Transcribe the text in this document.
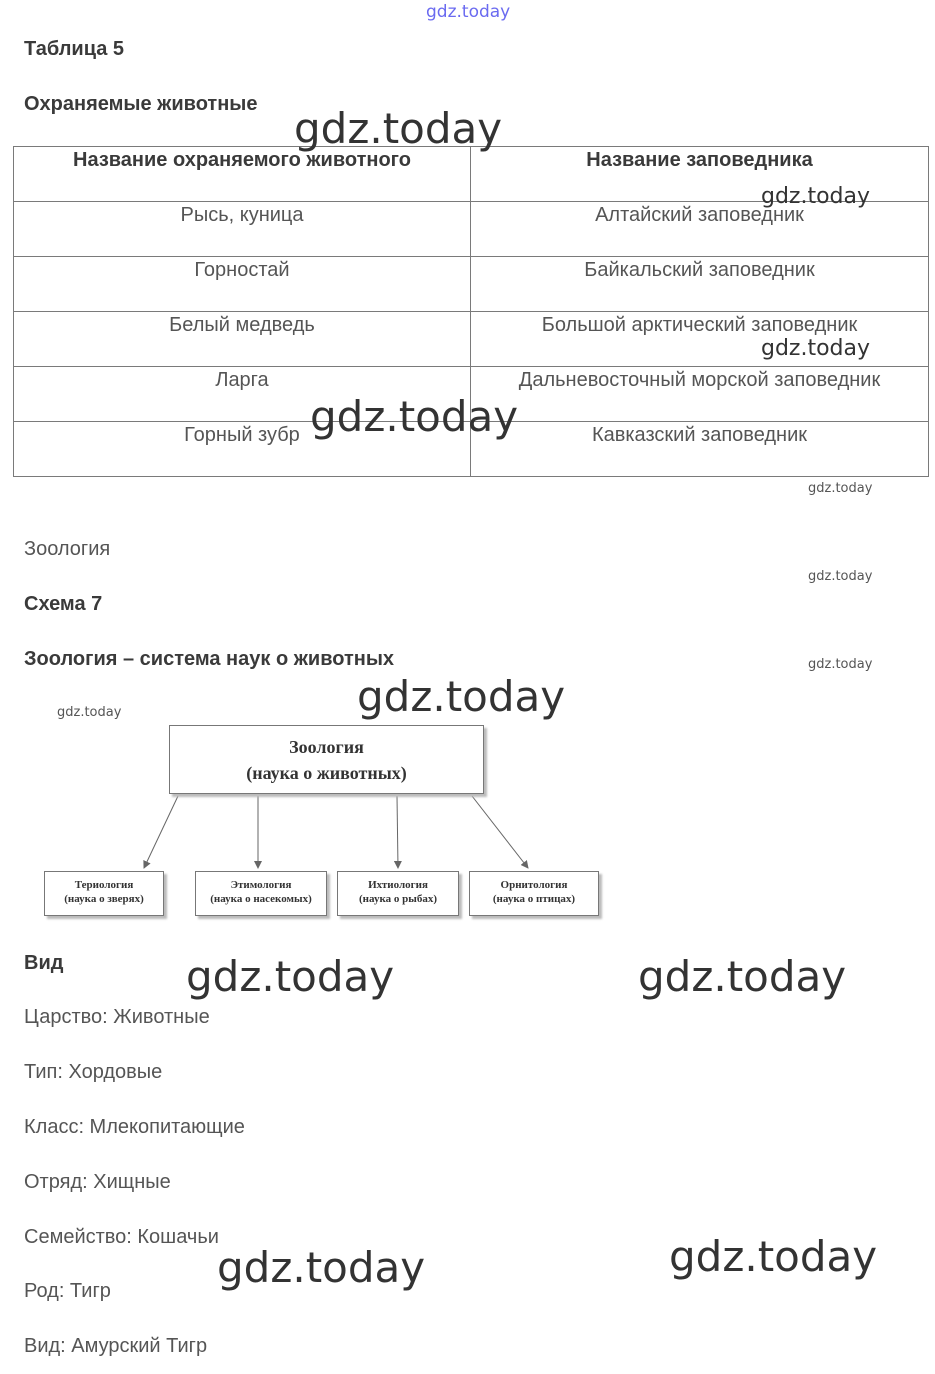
gdz.today
Таблица 5
Охраняемые животные
Название охраняемого животного	Название заповедника
Рысь, куница	Алтайский заповедник
Горностай	Байкальский заповедник
Белый медведь	Большой арктический заповедник
Ларга	Дальневосточный морской заповедник
Горный зубр	Кавказский заповедник
Зоология
Схема 7
Зоология – система наук о животных
Зоология
(наука о животных)
Териология
(наука о зверях)
Этимология
(наука о насекомых)
Ихтиология
(наука о рыбах)
Орнитология
(наука о птицах)
Вид
Царство: Животные
Тип: Хордовые
Класс: Млекопитающие
Отряд: Хищные
Семейство: Кошачьи
Род: Тигр
Вид: Амурский Тигр
gdz.today
gdz.today
gdz.today
gdz.today
gdz.today
gdz.today
gdz.today
gdz.today
gdz.today
gdz.today	gdz.today
gdz.today
gdz.today
